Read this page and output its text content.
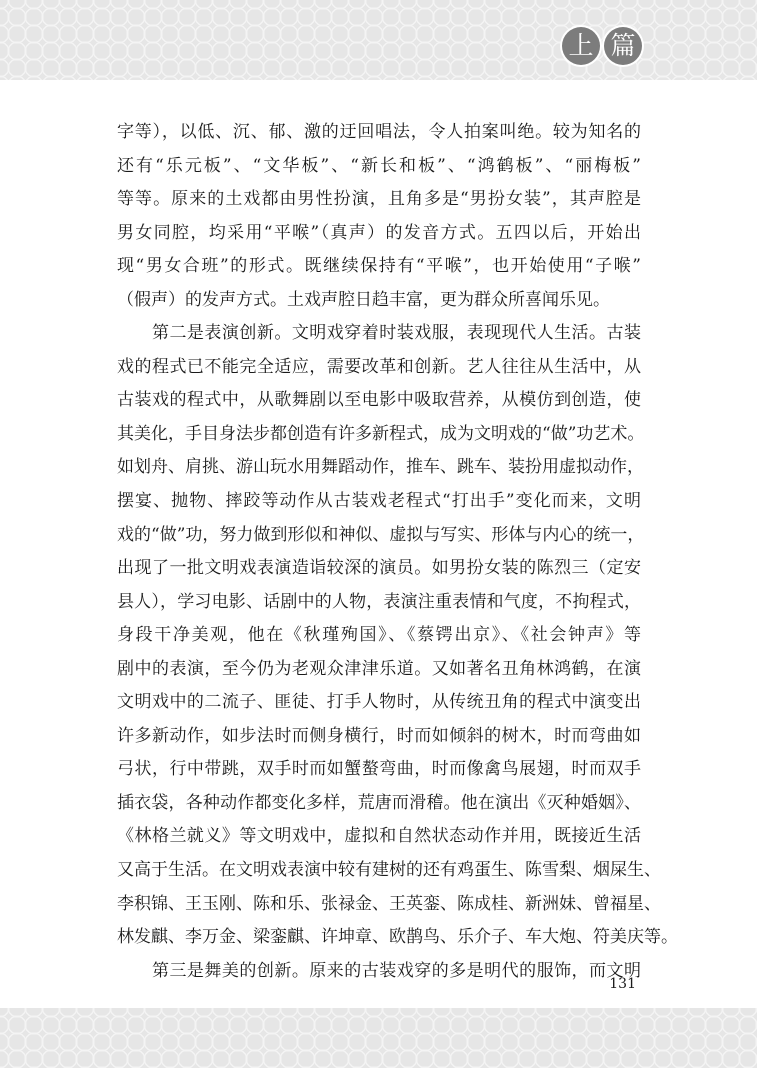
上 篇
字等），以低、沉、郁、激的迂回唱法，令人拍案叫绝。较为知名的
还有“乐元板”、“文华板”、“新长和板”、“鸿鹤板”、“丽梅板”
等等。原来的土戏都由男性扮演，且角多是“男扮女装”，其声腔是
男女同腔，均采用“平喉”（真声）的发音方式。五四以后，开始出
现“男女合班”的形式。既继续保持有“平喉”，也开始使用“子喉”
（假声）的发声方式。土戏声腔日趋丰富，更为群众所喜闻乐见。
　　第二是表演创新。文明戏穿着时装戏服，表现现代人生活。古装
戏的程式已不能完全适应，需要改革和创新。艺人往往从生活中，从
古装戏的程式中，从歌舞剧以至电影中吸取营养，从模仿到创造，使
其美化，手目身法步都创造有许多新程式，成为文明戏的“做”功艺术。
如划舟、肩挑、游山玩水用舞蹈动作，推车、跳车、装扮用虚拟动作，
摆宴、抛物、摔跤等动作从古装戏老程式“打出手”变化而来，文明
戏的“做”功，努力做到形似和神似、虚拟与写实、形体与内心的统一，
出现了一批文明戏表演造诣较深的演员。如男扮女装的陈烈三（定安
县人），学习电影、话剧中的人物，表演注重表情和气度，不拘程式，
身段干净美观，他在《秋瑾殉国》、《蔡锷出京》、《社会钟声》等
剧中的表演，至今仍为老观众津津乐道。又如著名丑角林鸿鹤，在演
文明戏中的二流子、匪徒、打手人物时，从传统丑角的程式中演变出
许多新动作，如步法时而侧身横行，时而如倾斜的树木，时而弯曲如
弓状，行中带跳，双手时而如蟹螯弯曲，时而像禽鸟展翅，时而双手
插衣袋，各种动作都变化多样，荒唐而滑稽。他在演出《灭种婚姻》、
《林格兰就义》等文明戏中，虚拟和自然状态动作并用，既接近生活
又高于生活。在文明戏表演中较有建树的还有鸡蛋生、陈雪梨、烟屎生、
李积锦、王玉刚、陈和乐、张禄金、王英銮、陈成桂、新洲妹、曾福星、
林发麒、李万金、梁銮麒、许坤章、欧鹊鸟、乐介子、车大炮、符美庆等。
　　第三是舞美的创新。原来的古装戏穿的多是明代的服饰，而文明
131
